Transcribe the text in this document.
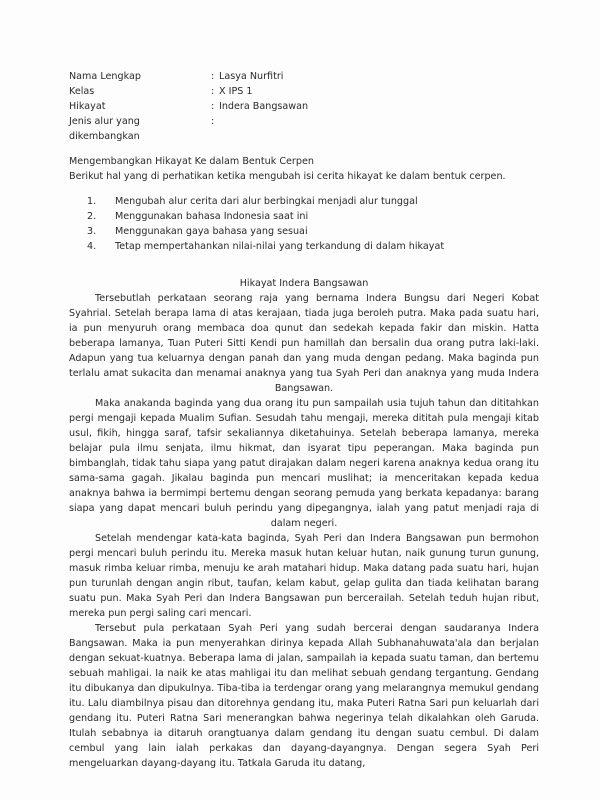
Nama Lengkap	: Lasya Nurfitri
Kelas	: X IPS 1
Hikayat	: Indera Bangsawan
Jenis alur yang dikembangkan
:
Mengembangkan Hikayat Ke dalam Bentuk Cerpen
Berikut hal yang di perhatikan ketika mengubah isi cerita hikayat ke dalam bentuk cerpen.
1.	Mengubah alur cerita dari alur berbingkai menjadi alur tunggal
2.	Menggunakan bahasa Indonesia saat ini
3.	Menggunakan gaya bahasa yang sesuai
4.	Tetap mempertahankan nilai-nilai yang terkandung di dalam hikayat
Hikayat Indera Bangsawan

Tersebutlah perkataan seorang raja yang bernama Indera Bungsu dari Negeri Kobat Syahrial. Setelah berapa lama di atas kerajaan, tiada juga beroleh putra. Maka pada suatu hari, ia pun menyuruh orang membaca doa qunut dan sedekah kepada fakir dan miskin. Hatta beberapa lamanya, Tuan Puteri Sitti Kendi pun hamillah dan bersalin dua orang putra laki-laki. Adapun yang tua keluarnya dengan panah dan yang muda dengan pedang. Maka baginda pun terlalu amat sukacita dan menamai anaknya yang tua Syah Peri dan anaknya yang muda Indera Bangsawan.

Maka anakanda baginda yang dua orang itu pun sampailah usia tujuh tahun dan dititahkan pergi mengaji kepada Mualim Sufian. Sesudah tahu mengaji, mereka dititah pula mengaji kitab usul, fikih, hingga saraf, tafsir sekaliannya diketahuinya. Setelah beberapa lamanya, mereka belajar pula ilmu senjata, ilmu hikmat, dan isyarat tipu peperangan. Maka baginda pun bimbanglah, tidak tahu siapa yang patut dirajakan dalam negeri karena anaknya kedua orang itu sama-sama gagah. Jikalau baginda pun mencari muslihat; ia menceritakan kepada kedua anaknya bahwa ia bermimpi bertemu dengan seorang pemuda yang berkata kepadanya: barang siapa yang dapat mencari buluh perindu yang dipegangnya, ialah yang patut menjadi raja di dalam negeri.

Setelah mendengar kata-kata baginda, Syah Peri dan Indera Bangsawan pun bermohon pergi mencari buluh perindu itu. Mereka masuk hutan keluar hutan, naik gunung turun gunung, masuk rimba keluar rimba, menuju ke arah matahari hidup. Maka datang pada suatu hari, hujan pun turunlah dengan angin ribut, taufan, kelam kabut, gelap gulita dan tiada kelihatan barang suatu pun. Maka Syah Peri dan Indera Bangsawan pun bercerailah. Setelah teduh hujan ribut, mereka pun pergi saling cari mencari.

Tersebut pula perkataan Syah Peri yang sudah bercerai dengan saudaranya Indera Bangsawan. Maka ia pun menyerahkan dirinya kepada Allah Subhanahuwata'ala dan berjalan dengan sekuat-kuatnya. Beberapa lama di jalan, sampailah ia kepada suatu taman, dan bertemu sebuah mahligai. Ia naik ke atas mahligai itu dan melihat sebuah gendang tergantung. Gendang itu dibukanya dan dipukulnya. Tiba-tiba ia terdengar orang yang melarangnya memukul gendang itu. Lalu diambilnya pisau dan ditorehnya gendang itu, maka Puteri Ratna Sari pun keluarlah dari gendang itu. Puteri Ratna Sari menerangkan bahwa negerinya telah dikalahkan oleh Garuda. Itulah sebabnya ia ditaruh orangtuanya dalam gendang itu dengan suatu cembul. Di dalam cembul yang lain ialah perkakas dan dayang-dayangnya. Dengan segera Syah Peri mengeluarkan dayang-dayang itu. Tatkala Garuda itu datang,
